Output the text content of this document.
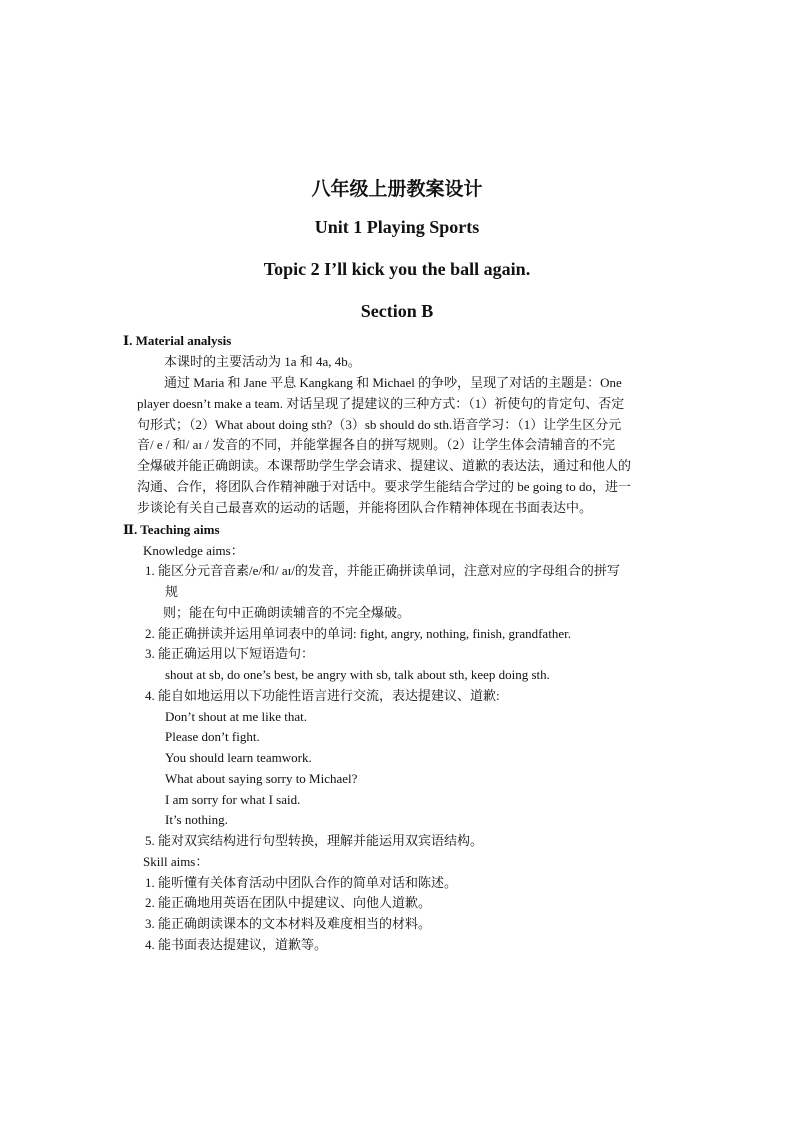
八年级上册教案设计
Unit 1 Playing Sports
Topic 2 I’ll kick you the ball again.
Section B
Ⅰ. Material analysis
本课时的主要活动为 1a 和 4a, 4b。
通过 Maria 和 Jane 平息 Kangkang 和 Michael 的争吵，呈现了对话的主题是：One
player doesn’t make a team. 对话呈现了提建议的三种方式：（1）祈使句的肯定句、否定
句形式；（2）What about doing sth?（3）sb should do sth.语音学习：（1）让学生区分元
音/ e / 和/ aɪ / 发音的不同，并能掌握各自的拼写规则。（2）让学生体会清辅音的不完
全爆破并能正确朗读。本课帮助学生学会请求、提建议、道歉的表达法，通过和他人的
沟通、合作，将团队合作精神融于对话中。要求学生能结合学过的 be going to do，进一
步谈论有关自己最喜欢的运动的话题，并能将团队合作精神体现在书面表达中。
Ⅱ. Teaching aims
Knowledge aims：
1. 能区分元音音素/e/和/ aɪ/的发音，并能正确拼读单词，注意对应的字母组合的拼写
规
则；能在句中正确朗读辅音的不完全爆破。
2. 能正确拼读并运用单词表中的单词: fight, angry, nothing, finish, grandfather.
3. 能正确运用以下短语造句：
shout at sb, do one’s best, be angry with sb, talk about sth, keep doing sth.
4. 能自如地运用以下功能性语言进行交流，表达提建议、道歉:
Don’t shout at me like that.
Please don’t fight.
You should learn teamwork.
What about saying sorry to Michael?
I am sorry for what I said.
It’s nothing.
5. 能对双宾结构进行句型转换，理解并能运用双宾语结构。
Skill aims：
1. 能听懂有关体育活动中团队合作的简单对话和陈述。
2. 能正确地用英语在团队中提建议、向他人道歉。
3. 能正确朗读课本的文本材料及难度相当的材料。
4. 能书面表达提建议，道歉等。
